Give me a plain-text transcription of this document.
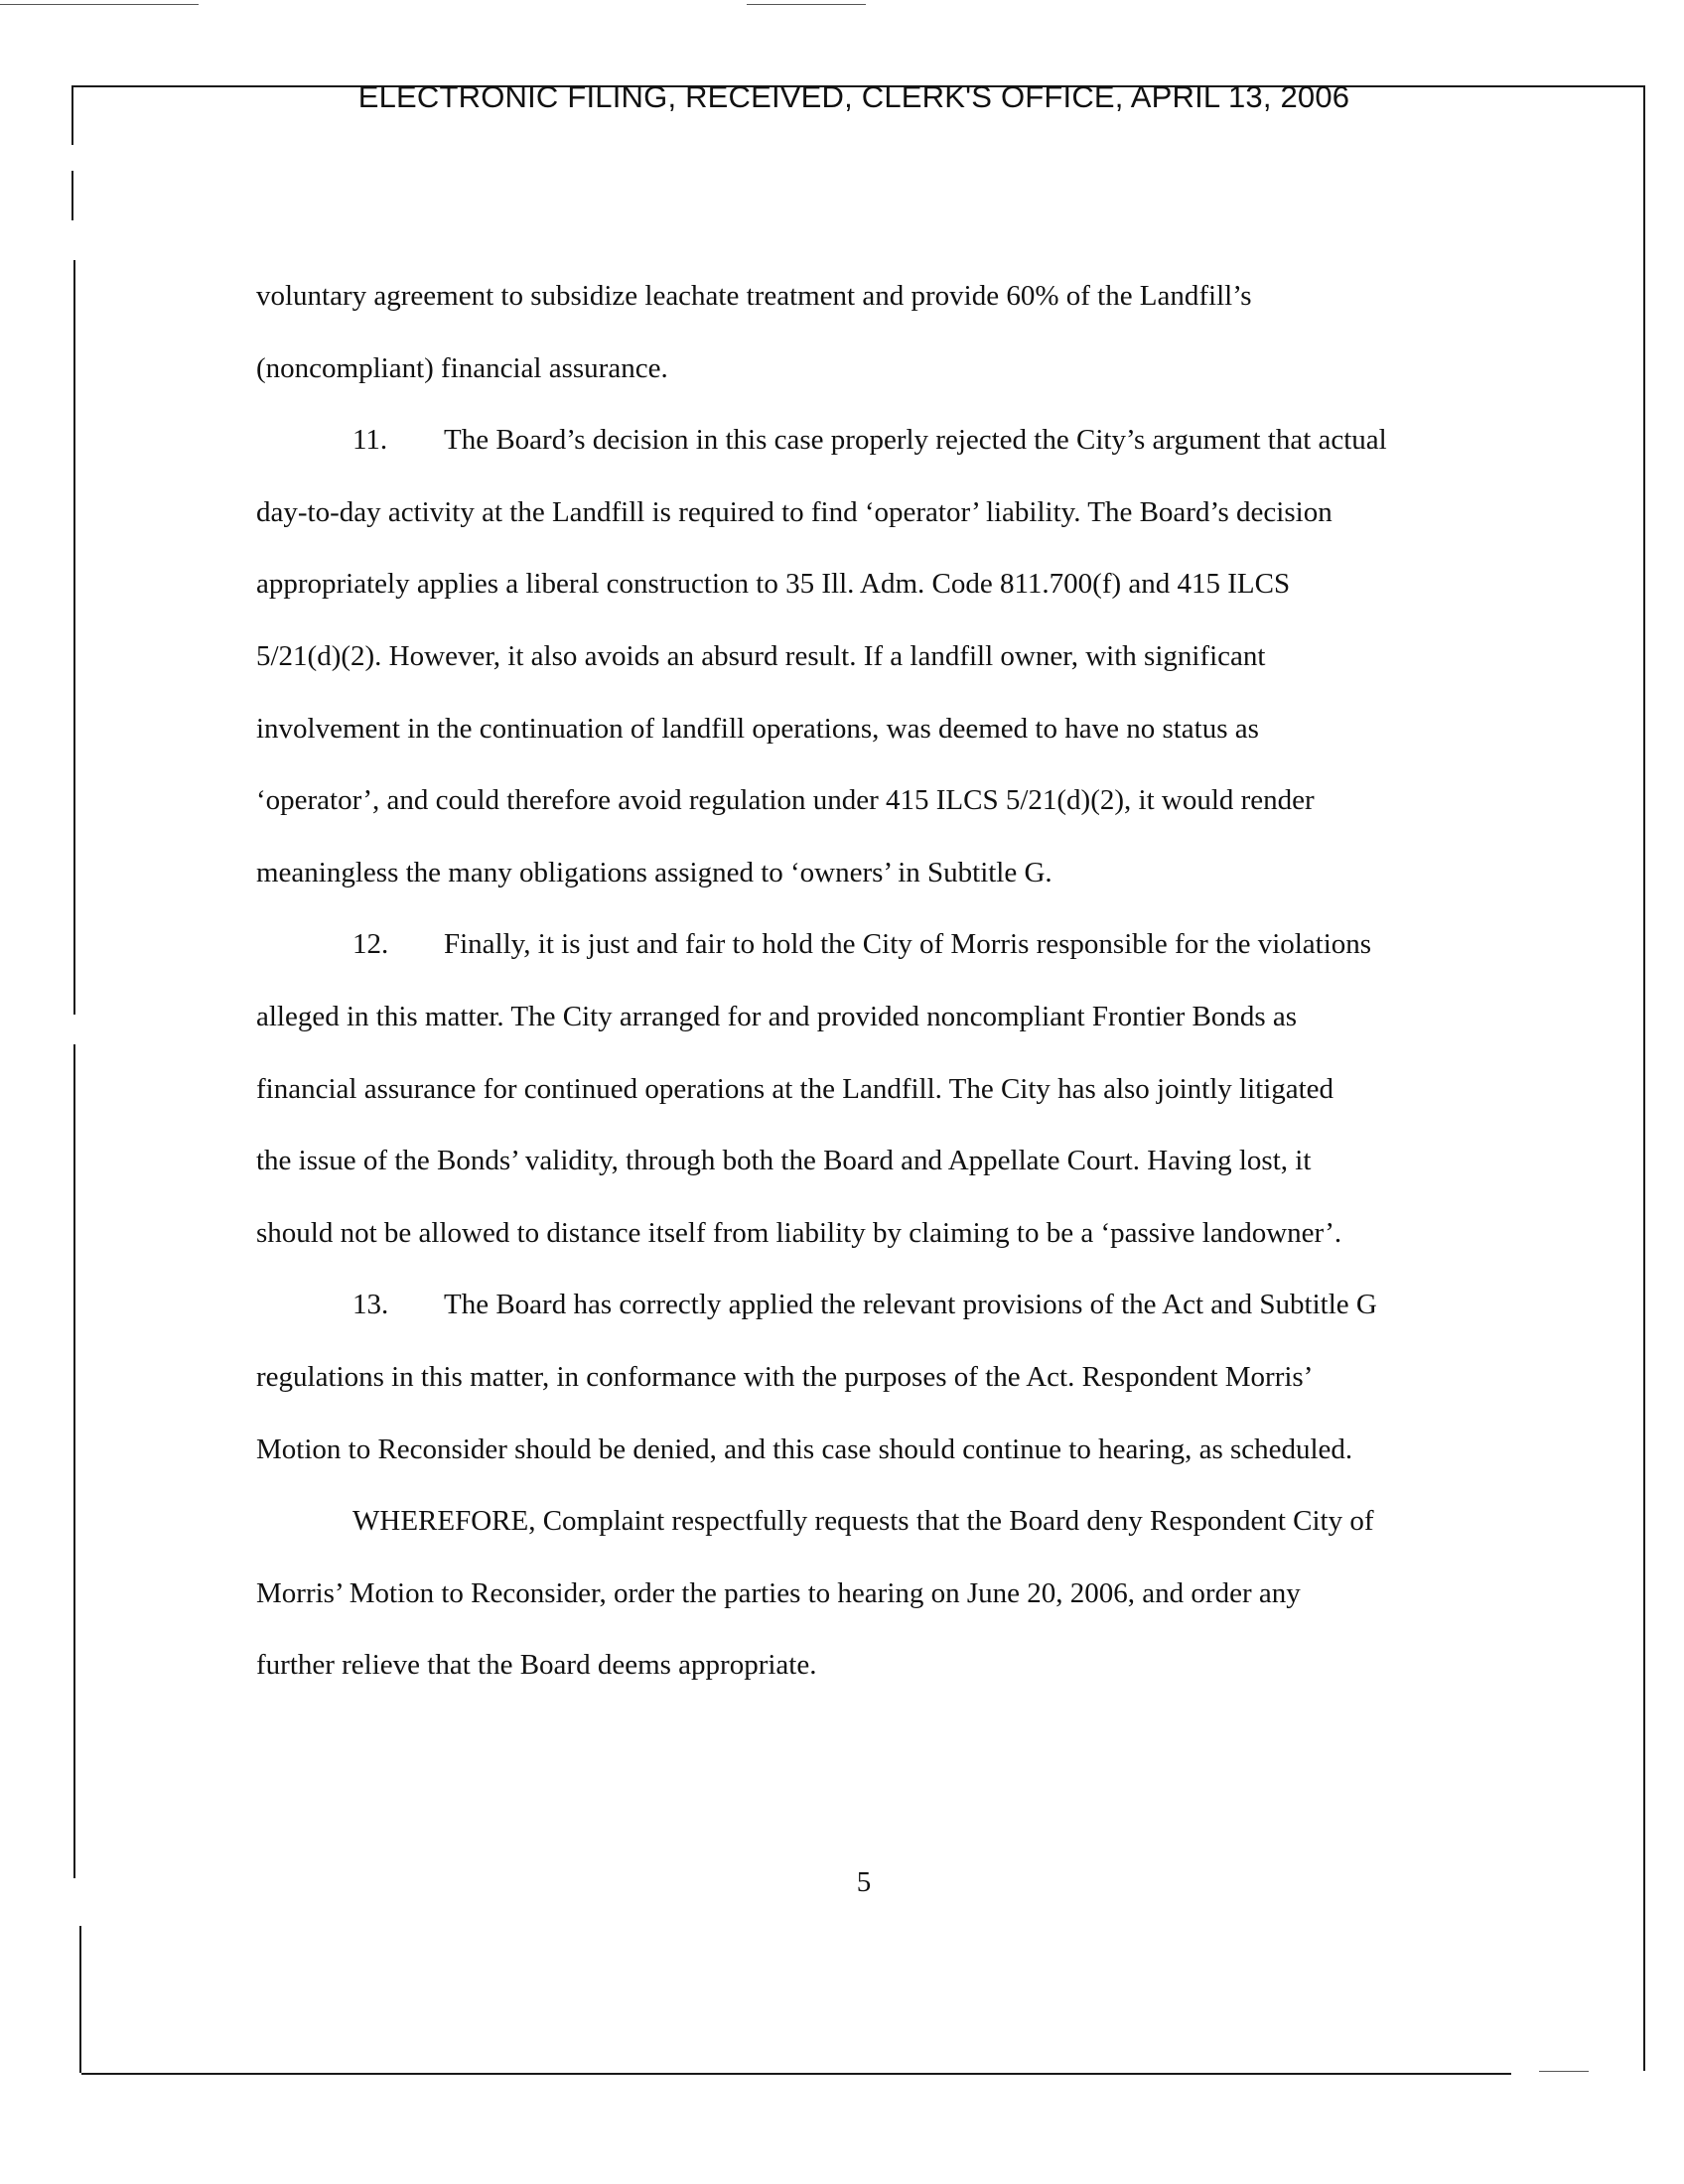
ELECTRONIC FILING, RECEIVED, CLERK'S OFFICE, APRIL 13, 2006
voluntary agreement to subsidize leachate treatment and provide 60% of the Landfill’s
(noncompliant) financial assurance.
11. The Board’s decision in this case properly rejected the City’s argument that actual
day-to-day activity at the Landfill is required to find ‘operator’ liability. The Board’s decision
appropriately applies a liberal construction to 35 Ill. Adm. Code 811.700(f) and 415 ILCS
5/21(d)(2). However, it also avoids an absurd result. If a landfill owner, with significant
involvement in the continuation of landfill operations, was deemed to have no status as
‘operator’, and could therefore avoid regulation under 415 ILCS 5/21(d)(2), it would render
meaningless the many obligations assigned to ‘owners’ in Subtitle G.
12. Finally, it is just and fair to hold the City of Morris responsible for the violations
alleged in this matter. The City arranged for and provided noncompliant Frontier Bonds as
financial assurance for continued operations at the Landfill. The City has also jointly litigated
the issue of the Bonds’ validity, through both the Board and Appellate Court. Having lost, it
should not be allowed to distance itself from liability by claiming to be a ‘passive landowner’.
13. The Board has correctly applied the relevant provisions of the Act and Subtitle G
regulations in this matter, in conformance with the purposes of the Act. Respondent Morris’
Motion to Reconsider should be denied, and this case should continue to hearing, as scheduled.
WHEREFORE, Complaint respectfully requests that the Board deny Respondent City of
Morris’ Motion to Reconsider, order the parties to hearing on June 20, 2006, and order any
further relieve that the Board deems appropriate.
5
